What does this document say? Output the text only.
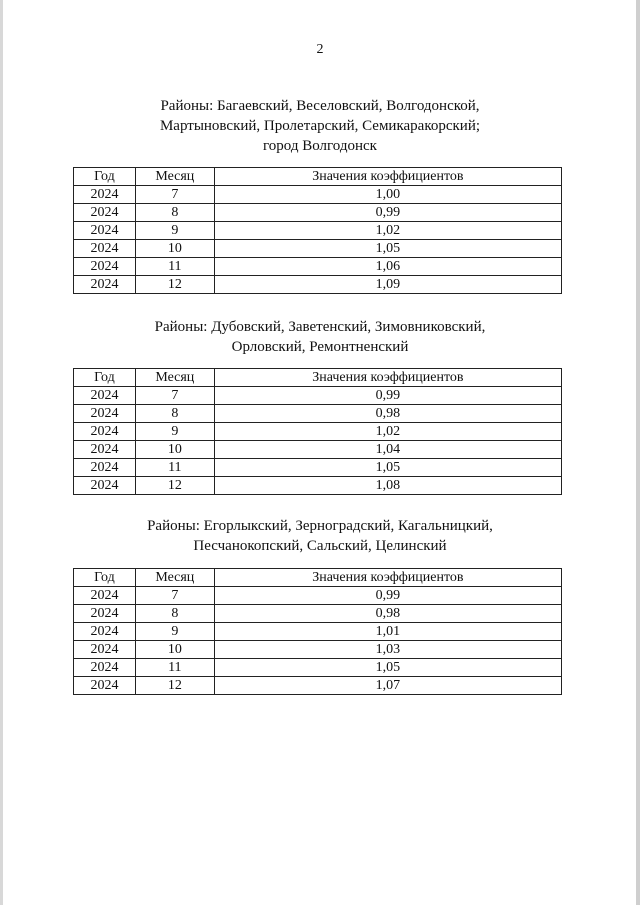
2
Районы: Багаевский, Веселовский, Волгодонской,
Мартыновский, Пролетарский, Семикаракорский;
город Волгодонск
Год	Месяц	Значения коэффициентов
2024	7	1,00
2024	8	0,99
2024	9	1,02
2024	10	1,05
2024	11	1,06
2024	12	1,09
Районы: Дубовский, Заветенский, Зимовниковский,
Орловский, Ремонтненский
Год	Месяц	Значения коэффициентов
2024	7	0,99
2024	8	0,98
2024	9	1,02
2024	10	1,04
2024	11	1,05
2024	12	1,08
Районы: Егорлыкский, Зерноградский, Кагальницкий,
Песчанокопский, Сальский, Целинский
Год	Месяц	Значения коэффициентов
2024	7	0,99
2024	8	0,98
2024	9	1,01
2024	10	1,03
2024	11	1,05
2024	12	1,07
